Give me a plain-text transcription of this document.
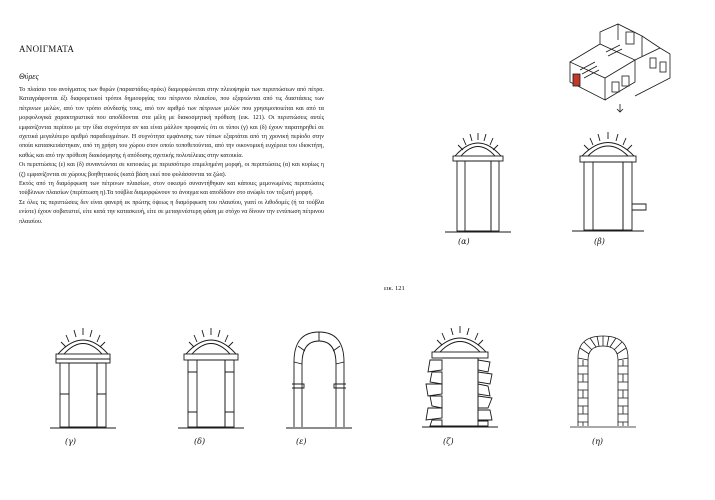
ΑΝΟΙΓΜΑΤΑ
Θύρες

Το πλαίσιο του ανοίγματος των θυρών (παραστάδες-πρέκι) διαμορφώνεται στην πλειοψηφία των περιπτώσεων από πέτρα. Καταγράφονται έξι διαφορετικοί τρόποι δημιουργίας του πέτρινου πλαισίου, που εξαρτώνται από τις διαστάσεις των πέτρινων μελών, από τον τρόπο σύνδεσής τους, από τον αριθμό των πέτρινων μελών που χρησιμοποιείται και από τα μορφολογικά χαρακτηριστικά που αποδίδονται στα μέλη με διακοσμητική πρόθεση (εικ. 121). Οι περιπτώσεις αυτές εμφανίζονται περίπου με την ίδια συχνότητα αν και είναι μάλλον προφανές ότι οι τύποι (γ) και (δ) έχουν παρατηρηθεί σε σχετικά μεγαλύτερο αριθμό παραδειγμάτων. Η συχνότητα εμφάνισης των τύπων εξαρτάται από τη χρονική περίοδο στην οποία κατασκευάστηκαν, από τη χρήση του χώρου στον οποίο τοποθετούνται, από την οικονομική ευχέρεια του ιδιοκτήτη, καθώς και από την πρόθεση διακόσμησης ή απόδοσης σχετικής πολυτέλειας στην κατοικία.

Οι περιπτώσεις (ε) και (δ) συναντώνται σε κατοικίες με περισσότερο επιμελημένη μορφή, οι περιπτώσεις (α) και κυρίως η (ζ) εμφανίζονται σε χώρους βοηθητικούς (κατά βάση εκεί που φυλάσσονται τα ζώα).

Εκτός από τη διαμόρφωση των πέτρινων πλαισίων, στον οικισμό συναντήθηκαν και κάποιες μεμονωμένες περιπτώσεις τούβλινων πλαισίων (περίπτωση η).Τα τούβλα διαμορφώνουν το άνοιγμα και αποδίδουν στο ανώφλι τον τοξωτή μορφή.

Σε όλες τις περιπτώσεις δεν είναι φανερή εκ πρώτης όψεως η διαμόρφωση του πλαισίου, γιατί οι λιθοδομές (ή τα τούβλα ενίοτε) έχουν σοβατιστεί, είτε κατά την κατασκευή, είτε σε μεταγενέστερη φάση με στόχο να δίνουν την εντύπωση πέτρινου πλαισίου.

(α)	(β)
εικ. 121
(γ)	(δ)	(ε)	(ζ)	(η)
